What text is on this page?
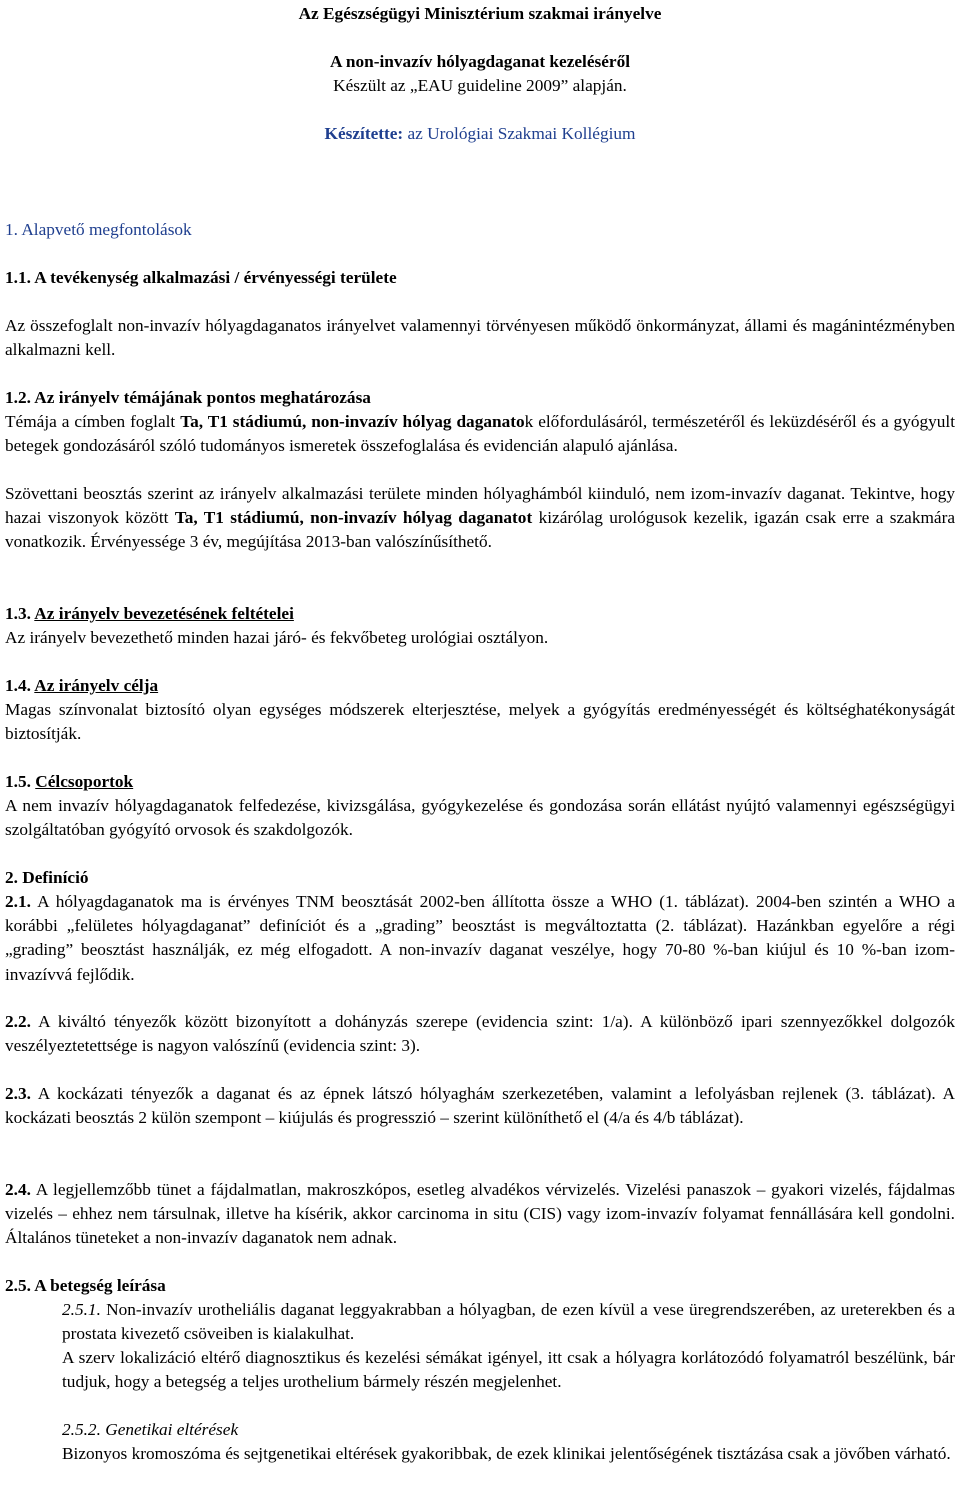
Az Egészségügyi Minisztérium szakmai irányelve

A non-invazív hólyagdaganat kezeléséről

Készült az „EAU guideline 2009” alapján.

Készítette: az Urológiai Szakmai Kollégium

1. Alapvető megfontolások

1.1. A tevékenység alkalmazási / érvényességi területe

Az összefoglalt non-invazív hólyagdaganatos irányelvet valamennyi törvényesen működő önkormányzat, állami és magánintézményben alkalmazni kell.

1.2. Az irányelv témájának pontos meghatározása

Témája a címben foglalt Ta, T1 stádiumú, non-invazív hólyag daganatok előfordulásáról, természetéről és leküzdéséről és a gyógyult betegek gondozásáról szóló tudományos ismeretek összefoglalása és evidencián alapuló ajánlása.

Szövettani beosztás szerint az irányelv alkalmazási területe minden hólyaghámból kiinduló, nem izom-invazív daganat. Tekintve, hogy hazai viszonyok között Ta, T1 stádiumú, non-invazív hólyag daganatot kizárólag urológusok kezelik, igazán csak erre a szakmára vonatkozik. Érvényessége 3 év, megújítása 2013-ban valószínűsíthető.

1.3. Az irányelv bevezetésének feltételei

Az irányelv bevezethető minden hazai járó- és fekvőbeteg urológiai osztályon.

1.4. Az irányelv célja

Magas színvonalat biztosító olyan egységes módszerek elterjesztése, melyek a gyógyítás eredményességét és költséghatékonyságát biztosítják.

1.5. Célcsoportok

A nem invazív hólyagdaganatok felfedezése, kivizsgálása, gyógykezelése és gondozása során ellátást nyújtó valamennyi egészségügyi szolgáltatóban gyógyító orvosok és szakdolgozók.

2. Definíció

2.1. A hólyagdaganatok ma is érvényes TNM beosztását 2002-ben állította össze a WHO (1. táblázat). 2004-ben szintén a WHO a korábbi „felületes hólyagdaganat” definíciót és a „grading” beosztást is megváltoztatta (2. táblázat). Hazánkban egyelőre a régi „grading” beosztást használják, ez még elfogadott. A non-invazív daganat veszélye, hogy 70-80 %-ban kiújul és 10 %-ban izom-invazívvá fejlődik.

2.2. A kiváltó tényezők között bizonyított a dohányzás szerepe (evidencia szint: 1/a). A különböző ipari szennyezőkkel dolgozók veszélyeztetettsége is nagyon valószínű (evidencia szint: 3).

2.3. A kockázati tényezők a daganat és az épnek látszó hólyagháм szerkezetében, valamint a lefolyásban rejlenek (3. táblázat). A kockázati beosztás 2 külön szempont – kiújulás és progresszió – szerint különíthető el (4/a és 4/b táblázat).

2.4. A legjellemzőbb tünet a fájdalmatlan, makroszkópos, esetleg alvadékos vérvizelés. Vizelési panaszok – gyakori vizelés, fájdalmas vizelés – ehhez nem társulnak, illetve ha kísérik, akkor carcinoma in situ (CIS) vagy izom-invazív folyamat fennállására kell gondolni. Általános tüneteket a non-invazív daganatok nem adnak.

2.5. A betegség leírása

2.5.1. Non-invazív urotheliális daganat leggyakrabban a hólyagban, de ezen kívül a vese üregrendszerében, az ureterekben és a prostata kivezető csöveiben is kialakulhat.

A szerv lokalizáció eltérő diagnosztikus és kezelési sémákat igényel, itt csak a hólyagra korlátozódó folyamatról beszélünk, bár tudjuk, hogy a betegség a teljes urothelium bármely részén megjelenhet.

2.5.2. Genetikai eltérések

Bizonyos kromoszóma és sejtgenetikai eltérések gyakoribbak, de ezek klinikai jelentőségének tisztázása csak a jövőben várható.
